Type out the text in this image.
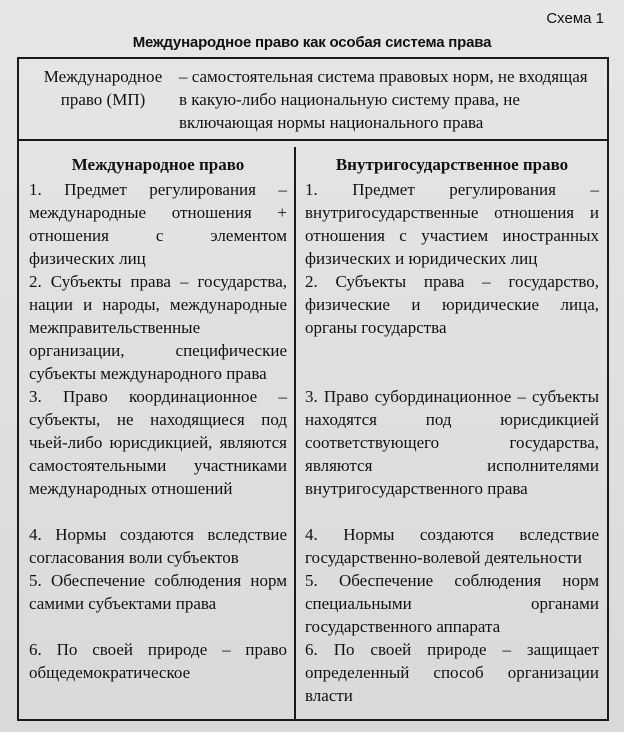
Схема 1
Международное право как особая система права
Международное право (МП)
– самостоятельная система правовых норм, не входящая в какую-либо национальную систему права, не включающая нормы национального права
Международное право
1. Предмет регулирования – международные отношения + отношения с элементом физических лиц
2. Субъекты права – государства, нации и народы, международные межправительственные организации, специфические субъекты международного права
3. Право координационное – субъекты, не находящиеся под чьей-либо юрисдикцией, являются самостоятельными участниками международных отношений
4. Нормы создаются вследствие согласования воли субъектов
5. Обеспечение соблюдения норм самими субъектами права
6. По своей природе – право общедемократическое
Внутригосударственное право
1. Предмет регулирования – внутригосударственные отношения и отношения с участием иностранных физических и юридических лиц
2. Субъекты права – государство, физические и юридические лица, органы государства
3. Право субординационное – субъекты находятся под юрисдикцией соответствующего государства, являются исполнителями внутригосударственного права
4. Нормы создаются вследствие государственно-волевой деятельности
5. Обеспечение соблюдения норм специальными органами государственного аппарата
6. По своей природе – защищает определенный способ организации власти
